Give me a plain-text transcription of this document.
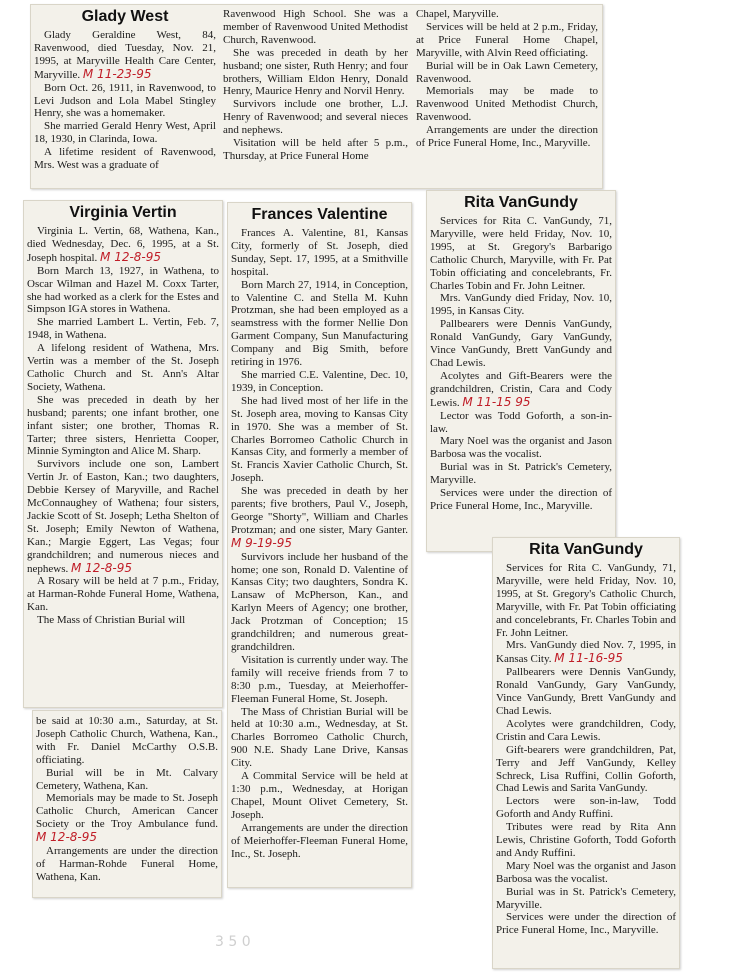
Glady West

Glady Geraldine West, 84, Ravenwood, died Tuesday, Nov. 21, 1995, at Maryville Health Care Center, Maryville. M 11-23-95

Born Oct. 26, 1911, in Ravenwood, to Levi Judson and Lola Mabel Stingley Henry, she was a homemaker.

She married Gerald Henry West, April 18, 1930, in Clarinda, Iowa.

A lifetime resident of Ravenwood, Mrs. West was a graduate of

Ravenwood High School. She was a member of Ravenwood United Methodist Church, Ravenwood.

She was preceded in death by her husband; one sister, Ruth Henry; and four brothers, William Eldon Henry, Donald Henry, Maurice Henry and Norvil Henry.

Survivors include one brother, L.J. Henry of Ravenwood; and several nieces and nephews.

Visitation will be held after 5 p.m., Thursday, at Price Funeral Home

Chapel, Maryville.

Services will be held at 2 p.m., Friday, at Price Funeral Home Chapel, Maryville, with Alvin Reed officiating.

Burial will be in Oak Lawn Cemetery, Ravenwood.

Memorials may be made to Ravenwood United Methodist Church, Ravenwood.

Arrangements are under the direction of Price Funeral Home, Inc., Maryville.

Virginia Vertin

Virginia L. Vertin, 68, Wathena, Kan., died Wednesday, Dec. 6, 1995, at a St. Joseph hospital. M 12-8-95

Born March 13, 1927, in Wathena, to Oscar Wilman and Hazel M. Coxx Tarter, she had worked as a clerk for the Estes and Simpson IGA stores in Wathena.

She married Lambert L. Vertin, Feb. 7, 1948, in Wathena.

A lifelong resident of Wathena, Mrs. Vertin was a member of the St. Joseph Catholic Church and St. Ann's Altar Society, Wathena.

She was preceded in death by her husband; parents; one infant brother, one infant sister; one brother, Thomas R. Tarter; three sisters, Henrietta Cooper, Minnie Symington and Alice M. Sharp.

Survivors include one son, Lambert Vertin Jr. of Easton, Kan.; two daughters, Debbie Kersey of Maryville, and Rachel McConnaughey of Wathena; four sisters, Jackie Scott of St. Joseph; Letha Shelton of St. Joseph; Emily Newton of Wathena, Kan.; Margie Eggert, Las Vegas; four grandchildren; and numerous nieces and nephews. M 12-8-95

A Rosary will be held at 7 p.m., Friday, at Harman-Rohde Funeral Home, Wathena, Kan.

The Mass of Christian Burial will

be said at 10:30 a.m., Saturday, at St. Joseph Catholic Church, Wathena, Kan., with Fr. Daniel McCarthy O.S.B. officiating.

Burial will be in Mt. Calvary Cemetery, Wathena, Kan.

Memorials may be made to St. Joseph Catholic Church, American Cancer Society or the Troy Ambulance fund. M 12-8-95

Arrangements are under the direction of Harman-Rohde Funeral Home, Wathena, Kan.

Frances Valentine

Frances A. Valentine, 81, Kansas City, formerly of St. Joseph, died Sunday, Sept. 17, 1995, at a Smithville hospital.

Born March 27, 1914, in Conception, to Valentine C. and Stella M. Kuhn Protzman, she had been employed as a seamstress with the former Nellie Don Garment Company, Sun Manufacturing Company and Big Smith, before retiring in 1976.

She married C.E. Valentine, Dec. 10, 1939, in Conception.

She had lived most of her life in the St. Joseph area, moving to Kansas City in 1970. She was a member of St. Charles Borromeo Catholic Church in Kansas City, and formerly a member of St. Francis Xavier Catholic Church, St. Joseph.

She was preceded in death by her parents; five brothers, Paul V., Joseph, George "Shorty", William and Charles Protzman; and one sister, Mary Ganter. M 9-19-95

Survivors include her husband of the home; one son, Ronald D. Valentine of Kansas City; two daughters, Sondra K. Lansaw of McPherson, Kan., and Karlyn Meers of Agency; one brother, Jack Protzman of Conception; 15 grandchildren; and numerous great-grandchildren.

Visitation is currently under way. The family will receive friends from 7 to 8:30 p.m., Tuesday, at Meierhoffer-Fleeman Funeral Home, St. Joseph.

The Mass of Christian Burial will be held at 10:30 a.m., Wednesday, at St. Charles Borromeo Catholic Church, 900 N.E. Shady Lane Drive, Kansas City.

A Commital Service will be held at 1:30 p.m., Wednesday, at Horigan Chapel, Mount Olivet Cemetery, St. Joseph.

Arrangements are under the direction of Meierhoffer-Fleeman Funeral Home, Inc., St. Joseph.

Rita VanGundy

Services for Rita C. VanGundy, 71, Maryville, were held Friday, Nov. 10, 1995, at St. Gregory's Barbarigo Catholic Church, Maryville, with Fr. Pat Tobin officiating and concelebrants, Fr. Charles Tobin and Fr. John Leitner.

Mrs. VanGundy died Friday, Nov. 10, 1995, in Kansas City.

Pallbearers were Dennis VanGundy, Ronald VanGundy, Gary VanGundy, Vince VanGundy, Brett VanGundy and Chad Lewis.

Acolytes and Gift-Bearers were the grandchildren, Cristin, Cara and Cody Lewis. M 11-15 95

Lector was Todd Goforth, a son-in-law.

Mary Noel was the organist and Jason Barbosa was the vocalist.

Burial was in St. Patrick's Cemetery, Maryville.

Services were under the direction of Price Funeral Home, Inc., Maryville.

Rita VanGundy

Services for Rita C. VanGundy, 71, Maryville, were held Friday, Nov. 10, 1995, at St. Gregory's Catholic Church, Maryville, with Fr. Pat Tobin officiating and concelebrants, Fr. Charles Tobin and Fr. John Leitner.

Mrs. VanGundy died Nov. 7, 1995, in Kansas City. M 11-16-95

Pallbearers were Dennis VanGundy, Ronald VanGundy, Gary VanGundy, Vince VanGundy, Brett VanGundy and Chad Lewis.

Acolytes were grandchildren, Cody, Cristin and Cara Lewis.

Gift-bearers were grandchildren, Pat, Terry and Jeff VanGundy, Kelley Schreck, Lisa Ruffini, Collin Goforth, Chad Lewis and Sarita VanGundy.

Lectors were son-in-law, Todd Goforth and Andy Ruffini.

Tributes were read by Rita Ann Lewis, Christine Goforth, Todd Goforth and Andy Ruffini.

Mary Noel was the organist and Jason Barbosa was the vocalist.

Burial was in St. Patrick's Cemetery, Maryville.

Services were under the direction of Price Funeral Home, Inc., Maryville.

3 5 0
